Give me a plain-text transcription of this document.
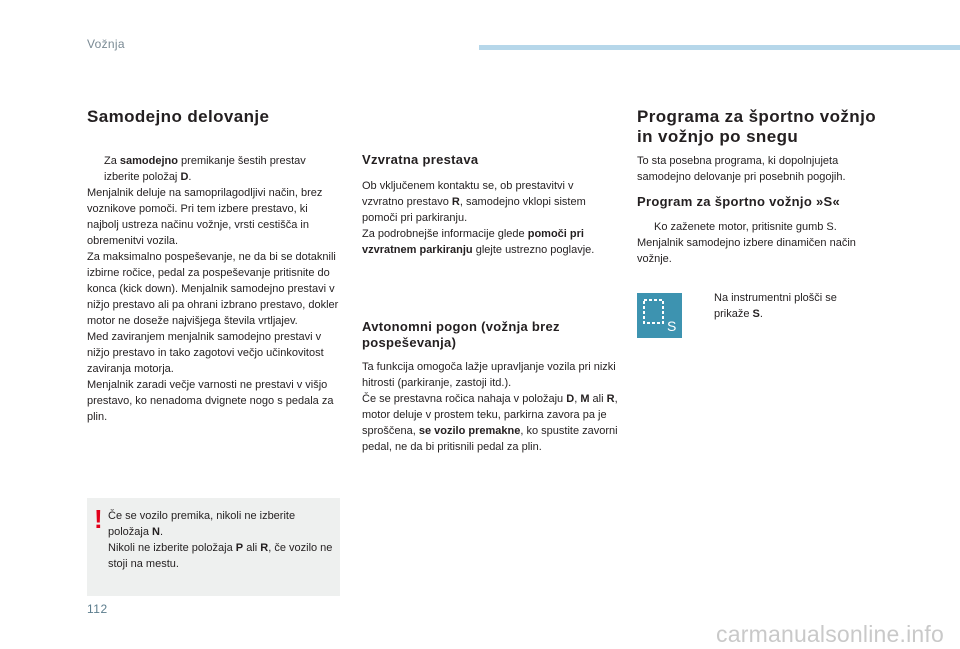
Vožnja
Samodejno delovanje
Za samodejno premikanje šestih prestav izberite položaj D.

Menjalnik deluje na samoprilagodljivi način, brez voznikove pomoči. Pri tem izbere prestavo, ki najbolj ustreza načinu vožnje, vrsti cestišča in obremenitvi vozila.

Za maksimalno pospeševanje, ne da bi se dotaknili izbirne ročice, pedal za pospeševanje pritisnite do konca (kick down). Menjalnik samodejno prestavi v nižjo prestavo ali pa ohrani izbrano prestavo, dokler motor ne doseže najvišjega števila vrtljajev.

Med zaviranjem menjalnik samodejno prestavi v nižjo prestavo in tako zagotovi večjo učinkovitost zaviranja motorja.

Menjalnik zaradi večje varnosti ne prestavi v višjo prestavo, ko nenadoma dvignete nogo s pedala za plin.

! Če se vozilo premika, nikoli ne izberite položaja N.

Nikoli ne izberite položaja P ali R, če vozilo ne stoji na mestu.

Vzvratna prestava

Ob vključenem kontaktu se, ob prestavitvi v vzvratno prestavo R, samodejno vklopi sistem pomoči pri parkiranju.

Za podrobnejše informacije glede pomoči pri vzvratnem parkiranju glejte ustrezno poglavje.

Avtonomni pogon (vožnja brez pospeševanja)

Ta funkcija omogoča lažje upravljanje vozila pri nizki hitrosti (parkiranje, zastoji itd.).

Če se prestavna ročica nahaja v položaju D, M ali R, motor deluje v prostem teku, parkirna zavora pa je sproščena, se vozilo premakne, ko spustite zavorni pedal, ne da bi pritisnili pedal za plin.

Programa za športno vožnjo in vožnjo po snegu

To sta posebna programa, ki dopolnjujeta samodejno delovanje pri posebnih pogojih.

Program za športno vožnjo »S«
Ko zaženete motor, pritisnite gumb S.

Menjalnik samodejno izbere dinamičen način vožnje.

S

Na instrumentni plošči se prikaže S.

112
carmanualsonline.info
